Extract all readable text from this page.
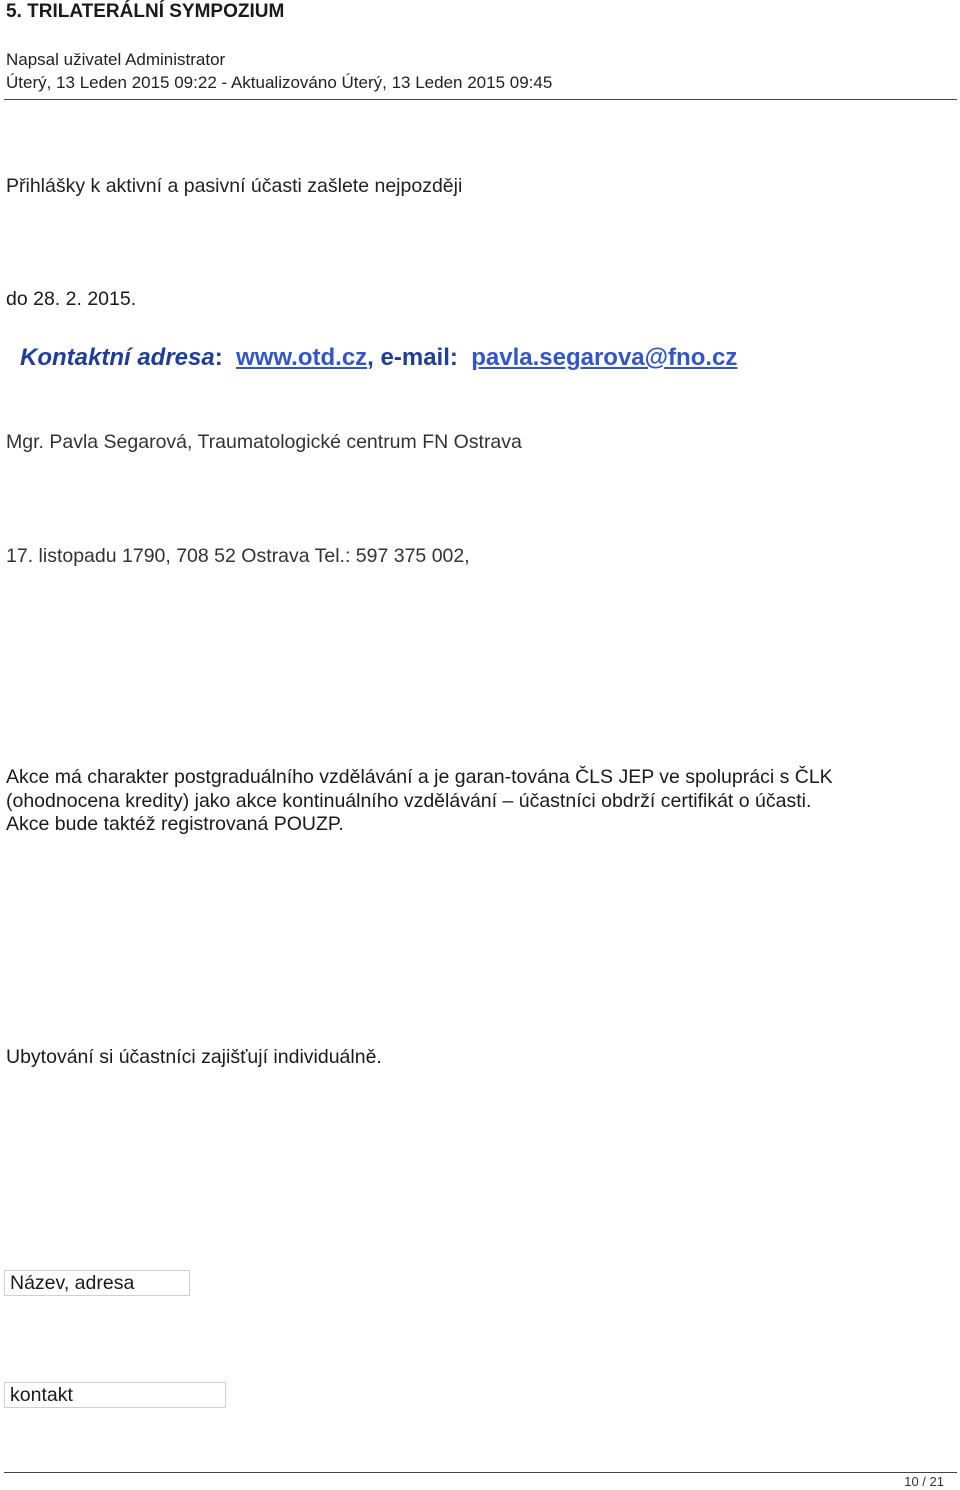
5. TRILATERÁLNÍ SYMPOZIUM
Napsal uživatel Administrator
Úterý, 13 Leden 2015 09:22 - Aktualizováno Úterý, 13 Leden 2015 09:45
Přihlášky k aktivní a pasivní účasti zašlete nejpozději
do 28. 2. 2015.
Kontaktní adresa: www.otd.cz, e-mail: pavla.segarova@fno.cz
Mgr. Pavla Segarová, Traumatologické centrum FN Ostrava
17. listopadu 1790, 708 52 Ostrava Tel.: 597 375 002,
Akce má charakter postgraduálního vzdělávání a je garan-tována ČLS JEP ve spolupráci s ČLK
(ohodnocena kredity) jako akce kontinuálního vzdělávání – účastníci obdrží certifikát o účasti.
Akce bude taktéž registrovaná POUZP.
Ubytování si účastníci zajišťují individuálně.
Název, adresa
kontakt
10 / 21
